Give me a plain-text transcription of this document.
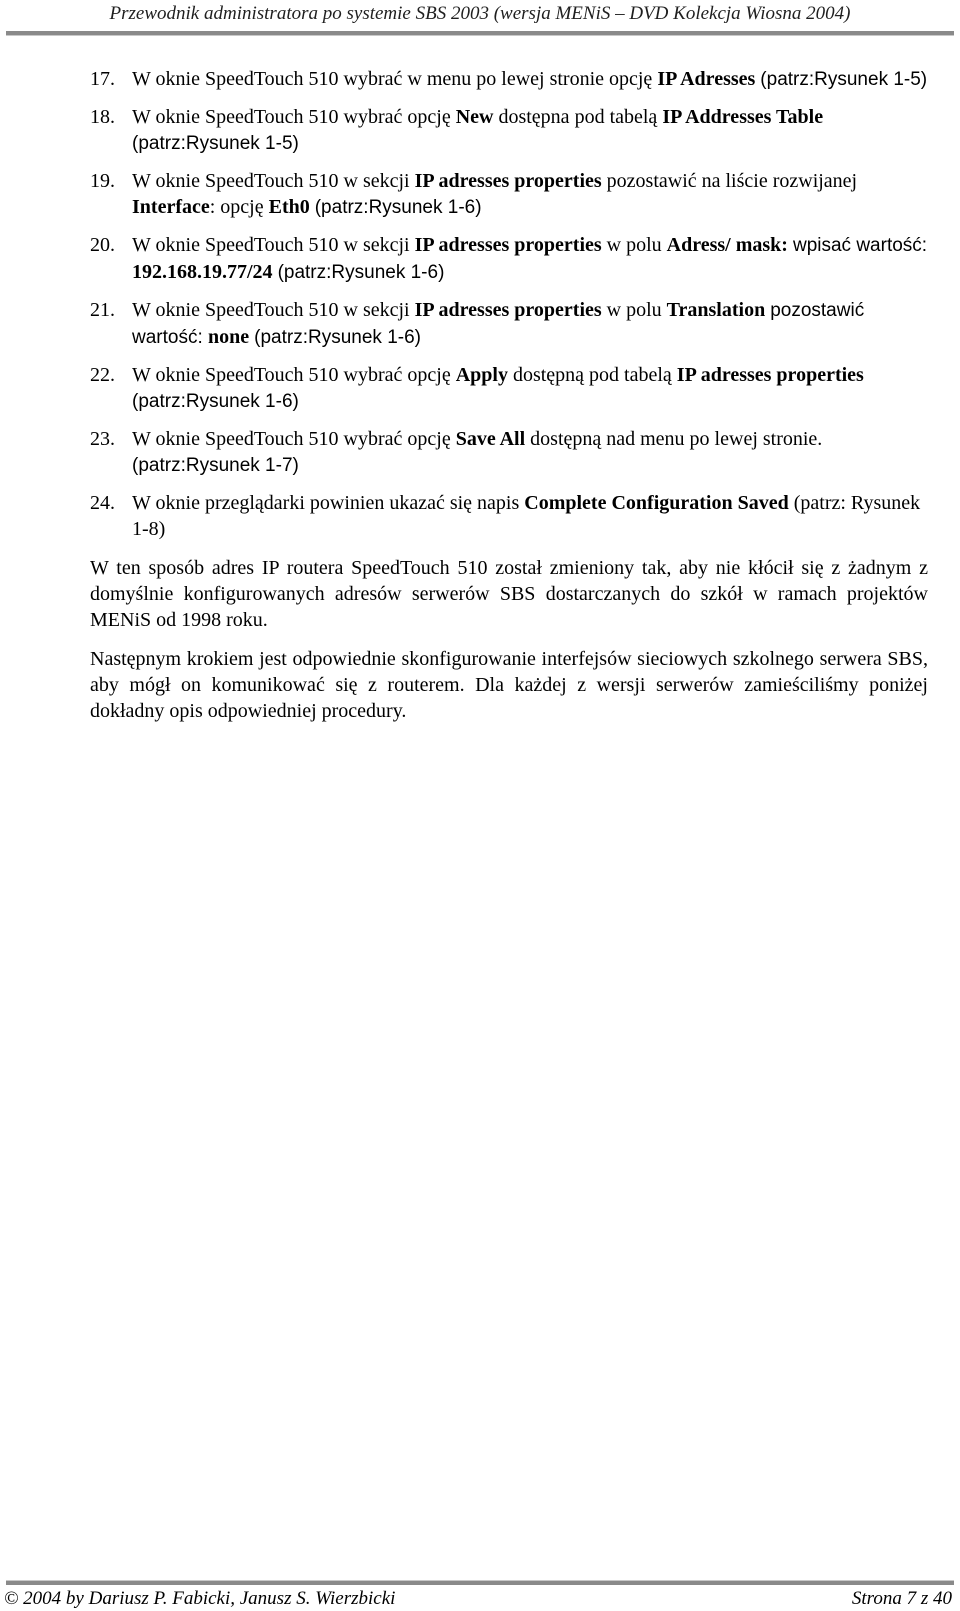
Przewodnik administratora po systemie SBS 2003 (wersja MENiS – DVD Kolekcja Wiosna 2004)
17. W oknie SpeedTouch 510 wybrać w menu po lewej stronie opcję IP Adresses (patrz:Rysunek 1-5)
18. W oknie SpeedTouch 510 wybrać opcję New dostępna pod tabelą IP Addresses Table (patrz:Rysunek 1-5)
19. W oknie SpeedTouch 510 w sekcji IP adresses properties pozostawić na liście rozwijanej Interface: opcję Eth0 (patrz:Rysunek 1-6)
20. W oknie SpeedTouch 510 w sekcji IP adresses properties w polu Adress/ mask: wpisać wartość: 192.168.19.77/24 (patrz:Rysunek 1-6)
21. W oknie SpeedTouch 510 w sekcji IP adresses properties w polu Translation pozostawić wartość: none (patrz:Rysunek 1-6)
22. W oknie SpeedTouch 510 wybrać opcję Apply dostępną pod tabelą IP adresses properties (patrz:Rysunek 1-6)
23. W oknie SpeedTouch 510 wybrać opcję Save All dostępną nad menu po lewej stronie. (patrz:Rysunek 1-7)
24. W oknie przeglądarki powinien ukazać się napis Complete Configuration Saved (patrz: Rysunek 1-8)

W ten sposób adres IP routera SpeedTouch 510 został zmieniony tak, aby nie kłócił się z żadnym z domyślnie konfigurowanych adresów serwerów SBS dostarczanych do szkół w ramach projektów MENiS od 1998 roku.

Następnym krokiem jest odpowiednie skonfigurowanie interfejsów sieciowych szkolnego serwera SBS, aby mógł on komunikować się z routerem. Dla każdej z wersji serwerów zamieściliśmy poniżej dokładny opis odpowiedniej procedury.

© 2004 by Dariusz P. Fabicki, Janusz S. Wierzbicki	Strona 7 z 40
